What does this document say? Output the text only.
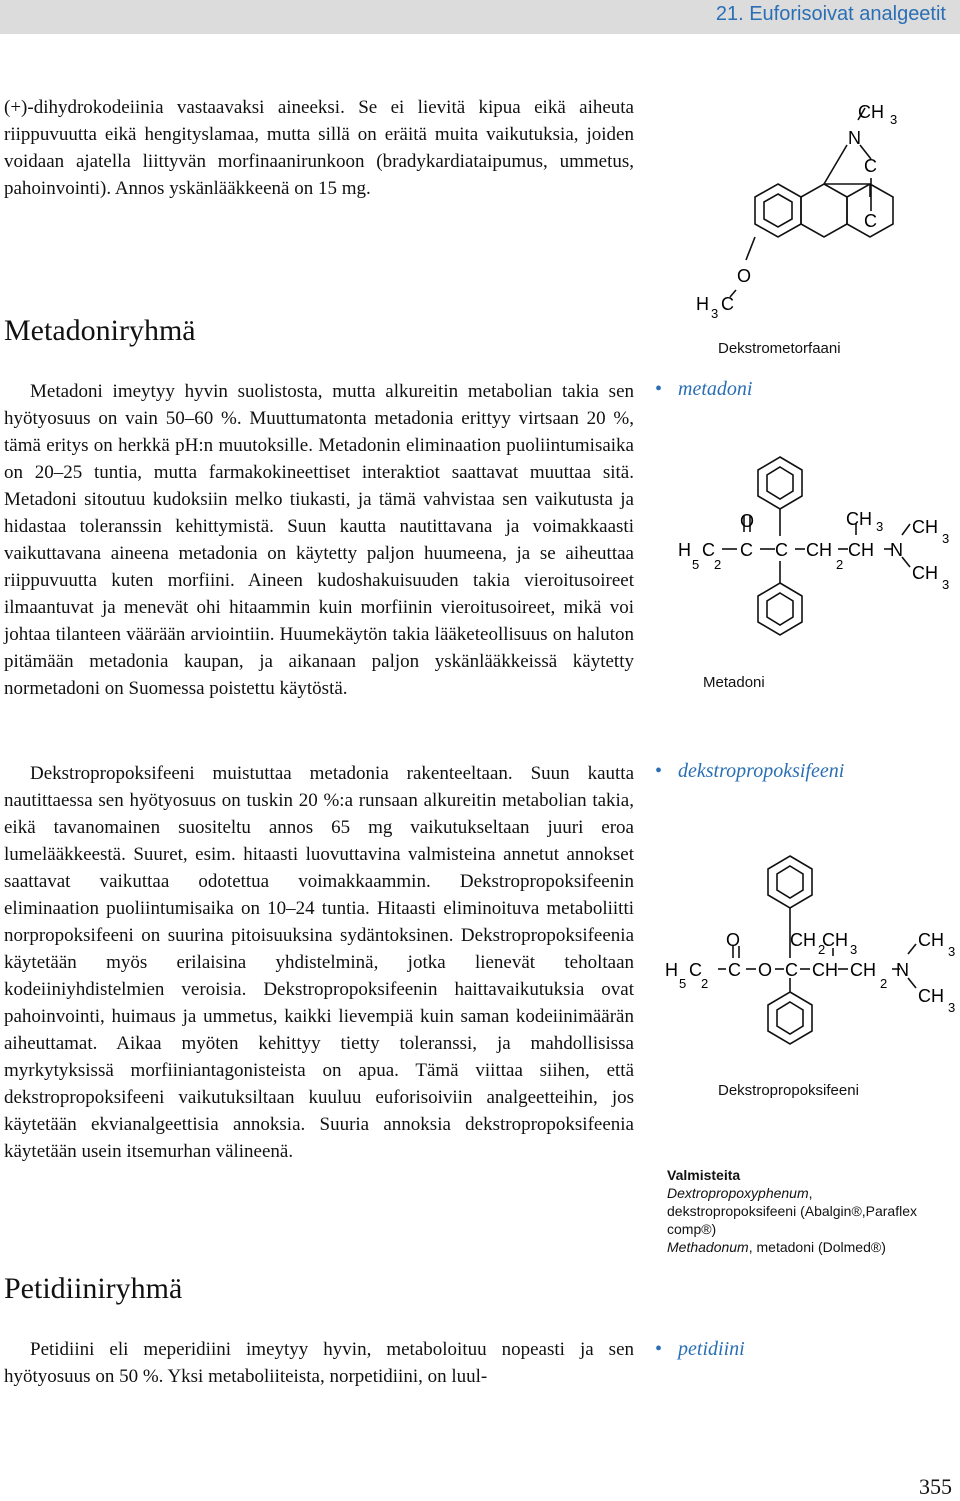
21. Euforisoivat analgeetit

(+)-dihydrokodeiinia vastaavaksi aineeksi. Se ei lievitä kipua eikä aiheuta riippuvuutta eikä hengityslamaa, mutta sillä on eräitä muita vaikutuksia, joiden voidaan ajatella liittyvän morfinaanirunkoon (bradykardiataipumus, ummetus, pahoinvointi). Annos yskänlääkkeenä on 15 mg.

Metadoniryhmä

Metadoni imeytyy hyvin suolistosta, mutta alkureitin metabolian takia sen hyötyosuus on vain 50–60 %. Muuttumatonta metadonia erittyy virtsaan 20 %, tämä eritys on herkkä pH:n muutoksille. Metadonin eliminaation puoliintumisaika on 20–25 tuntia, mutta farmakokineettiset interaktiot saattavat muuttaa sitä. Metadoni sitoutuu kudoksiin melko tiukasti, ja tämä vahvistaa sen vaikutusta ja hidastaa toleranssin kehittymistä. Suun kautta nautittavana ja voimakkaasti vaikuttavana aineena metadonia on käytetty paljon huumeena, ja se aiheuttaa riippuvuutta kuten morfiini. Aineen kudoshakuisuuden takia vieroitusoireet ilmaantuvat ja menevät ohi hitaammin kuin morfiinin vieroitusoireet, mikä voi johtaa tilanteen väärään arviointiin. Huumekäytön takia lääketeollisuus on haluton pitämään metadonia kaupan, ja aikanaan paljon yskänlääkkeissä käytetty normetadoni on Suomessa poistettu käytöstä.

Dekstropropoksifeeni muistuttaa metadonia rakenteeltaan. Suun kautta nautittaessa sen hyötyosuus on tuskin 20 %:a runsaan alkureitin metabolian takia, eikä tavanomainen suositeltu annos 65 mg vaikutukseltaan juuri eroa lumelääkkeestä. Suuret, esim. hitaasti luovuttavina valmisteina annetut annokset saattavat vaikuttaa odotettua voimakkaammin. Dekstropropoksifeenin eliminaation puoliintumisaika on 10–24 tuntia. Hitaasti eliminoituva metaboliitti norpropoksifeeni on suurina pitoisuuksina sydäntoksinen. Dekstropropoksifeenia käytetään myös erilaisina yhdistelminä, jotka lienevät teholtaan kodeiiniyhdistelmien veroisia. Dekstropropoksifeenin haittavaikutuksia ovat pahoinvointi, huimaus ja ummetus, kaikki lievempiä kuin saman kodeiinimäärän aiheuttamat. Aikaa myöten kehittyy tietty toleranssi, ja mahdollisissa myrkytyksissä morfiiniantagonisteista on apua. Tämä viittaa siihen, että dekstropropoksifeeni vaikutuksiltaan kuuluu euforisoiviin analgeetteihin, jos käytetään ekvianalgeettisia annoksia. Suuria annoksia dekstropropoksifeenia käytetään usein itsemurhan välineenä.

Petidiiniryhmä

Petidiini eli meperidiini imeytyy hyvin, metaboloituu nopeasti ja sen hyötyosuus on 50 %. Yksi metaboliiteista, norpetidiini, on luul-

CH 3
N
C
C
O
H 3 C
Dekstrometorfaani
• metadoni
O	CH 3 CH
3
H
5
C
2
C C CH
2
CH N
CH
3
Metadoni
• dekstropropoksifeeni
O	CH 2
CH 3	CH
3
H
5
C
2
C O C CH CH
2
N
CH
3
Dekstropropoksifeeni
Valmisteita
Dextropropoxyphenum,
dekstropropoksifeeni (Abalgin®,Paraflex comp®)
Methadonum, metadoni (Dolmed®)
• petidiini
355
